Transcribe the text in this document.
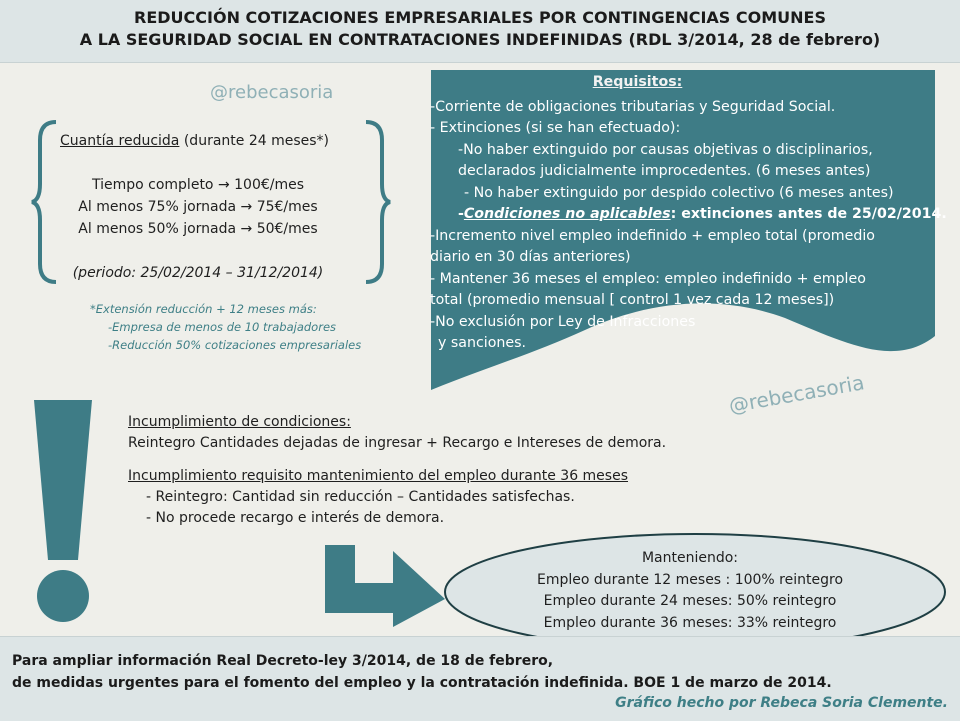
REDUCCIÓN COTIZACIONES EMPRESARIALES POR CONTINGENCIAS COMUNES
A LA SEGURIDAD SOCIAL EN CONTRATACIONES INDEFINIDAS (RDL 3/2014, 28 de febrero)
@rebecasoria
@rebecasoria
Cuantía reducida (durante 24 meses*)
Tiempo completo → 100€/mes
Al menos 75% jornada → 75€/mes
Al menos 50% jornada → 50€/mes
(periodo: 25/02/2014 – 31/12/2014)
*Extensión reducción + 12 meses más:
-Empresa de menos de 10 trabajadores
-Reducción 50% cotizaciones empresariales
Requisitos:
-Corriente de obligaciones tributarias y Seguridad Social.
- Extinciones (si se han efectuado):
-No haber extinguido por causas objetivas o disciplinarios,
declarados judicialmente improcedentes. (6 meses antes)
- No haber extinguido por despido colectivo (6 meses antes)
-Condiciones no aplicables: extinciones antes de 25/02/2014.
-Incremento nivel empleo indefinido + empleo total (promedio
diario en 30 días anteriores)
- Mantener 36 meses el empleo: empleo indefinido + empleo
total (promedio mensual [ control 1 vez cada 12 meses])
-No exclusión por Ley de Infracciones
y sanciones.
Incumplimiento de condiciones:
Reintegro Cantidades dejadas de ingresar + Recargo e Intereses de demora.
Incumplimiento requisito mantenimiento del empleo durante 36 meses
- Reintegro: Cantidad sin reducción – Cantidades satisfechas.
- No procede recargo e interés de demora.
Manteniendo:
Empleo durante 12 meses : 100% reintegro
Empleo durante 24 meses: 50% reintegro
Empleo durante 36 meses: 33% reintegro
Para ampliar información Real Decreto-ley 3/2014, de 18 de febrero,
de medidas urgentes para el fomento del empleo y la contratación indefinida. BOE 1 de marzo de 2014.
Gráfico hecho por Rebeca Soria Clemente.
